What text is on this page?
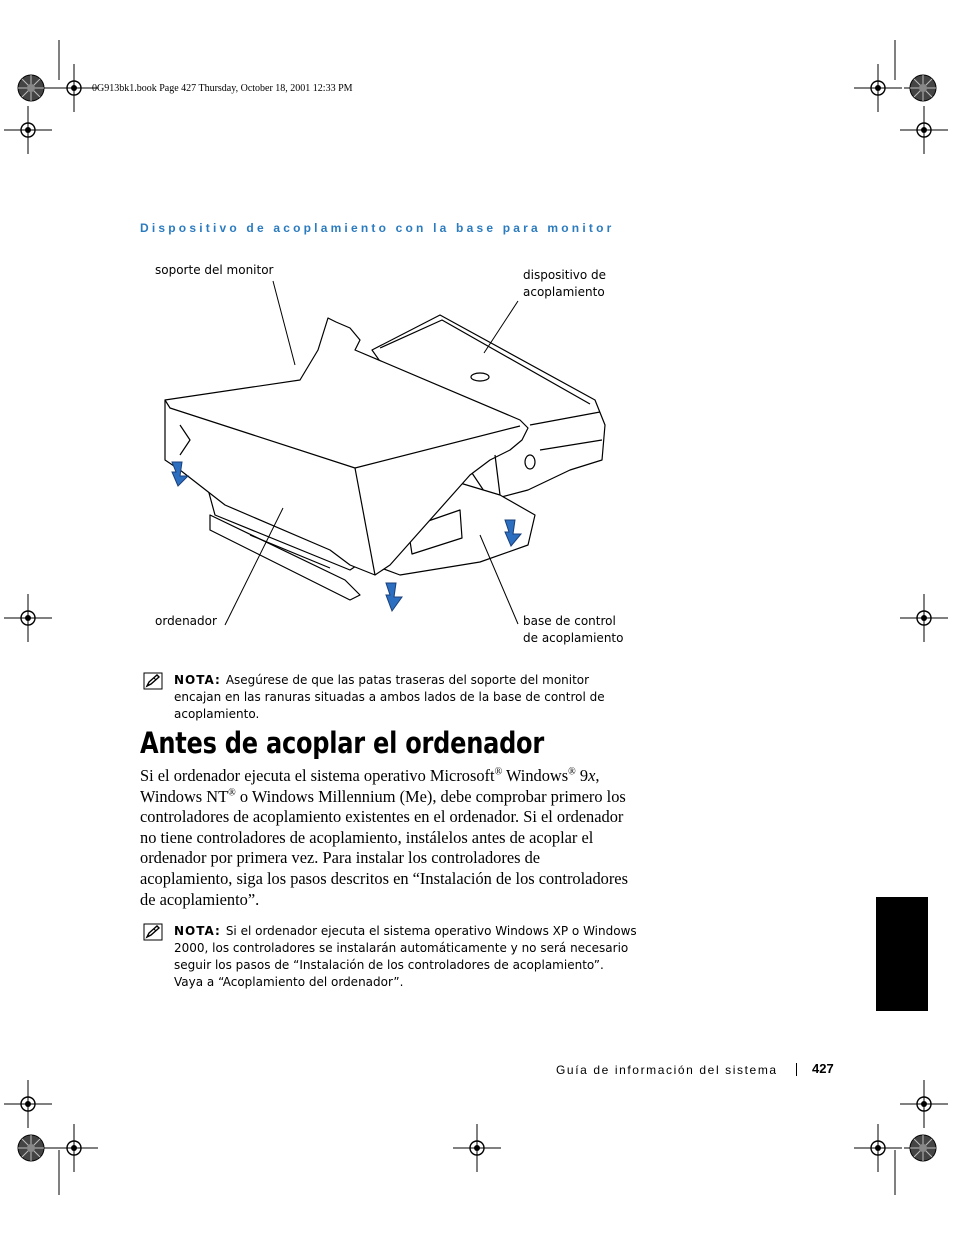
0G913bk1.book Page 427 Thursday, October 18, 2001 12:33 PM
Dispositivo de acoplamiento con la base para monitor
soporte del monitor	dispositivo de
acoplamiento
ordenador	base de control
de acoplamiento
NOTA: Asegúrese de que las patas traseras del soporte del monitor encajan en las ranuras situadas a ambos lados de la base de control de acoplamiento.
Antes de acoplar el ordenador
Si el ordenador ejecuta el sistema operativo Microsoft® Windows® 9x,
Windows NT® o Windows Millennium (Me), debe comprobar primero los controladores de acoplamiento existentes en el ordenador. Si el ordenador no tiene controladores de acoplamiento, instálelos antes de acoplar el ordenador por primera vez. Para instalar los controladores de acoplamiento, siga los pasos descritos en “Instalación de los controladores de acoplamiento”.
NOTA: Si el ordenador ejecuta el sistema operativo Windows XP o Windows
2000, los controladores se instalarán automáticamente y no será necesario
seguir los pasos de “Instalación de los controladores de acoplamiento”.
Vaya a “Acoplamiento del ordenador”.
Guía de información del sistema	427
